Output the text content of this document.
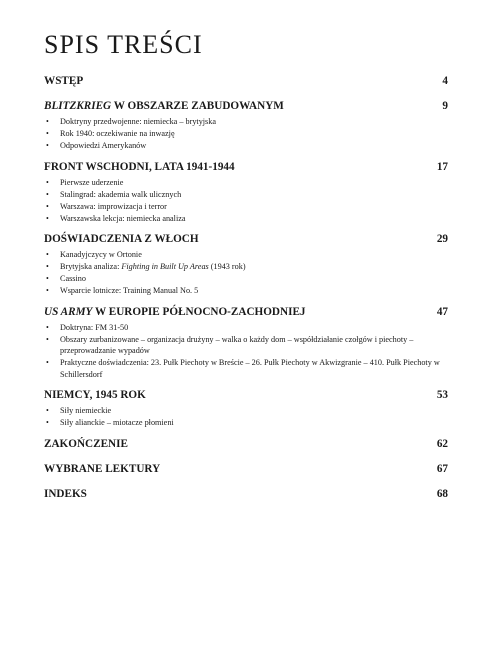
SPIS TREŚCI
WSTĘP	4
BLITZKRIEG W OBSZARZE ZABUDOWANYM	9
• Doktryny przedwojenne: niemiecka – brytyjska
• Rok 1940: oczekiwanie na inwazję
• Odpowiedzi Amerykanów
FRONT WSCHODNI, LATA 1941-1944	17
• Pierwsze uderzenie
• Stalingrad: akademia walk ulicznych
• Warszawa: improwizacja i terror
• Warszawska lekcja: niemiecka analiza
DOŚWIADCZENIA Z WŁOCH	29
• Kanadyjczycy w Ortonie
• Brytyjska analiza: Fighting in Built Up Areas (1943 rok)
• Cassino
• Wsparcie lotnicze: Training Manual No. 5
US ARMY W EUROPIE PÓŁNOCNO-ZACHODNIEJ	47
• Doktryna: FM 31-50
• Obszary zurbanizowane – organizacja drużyny – walka o każdy dom – współdziałanie czołgów i piechoty – przeprowadzanie wypadów
• Praktyczne doświadczenia: 23. Pułk Piechoty w Breście – 26. Pułk Piechoty w Akwizgranie – 410. Pułk Piechoty w Schillersdorf
NIEMCY, 1945 ROK	53
• Siły niemieckie
• Siły alianckie – miotacze płomieni
ZAKOŃCZENIE	62
WYBRANE LEKTURY	67
INDEKS	68
